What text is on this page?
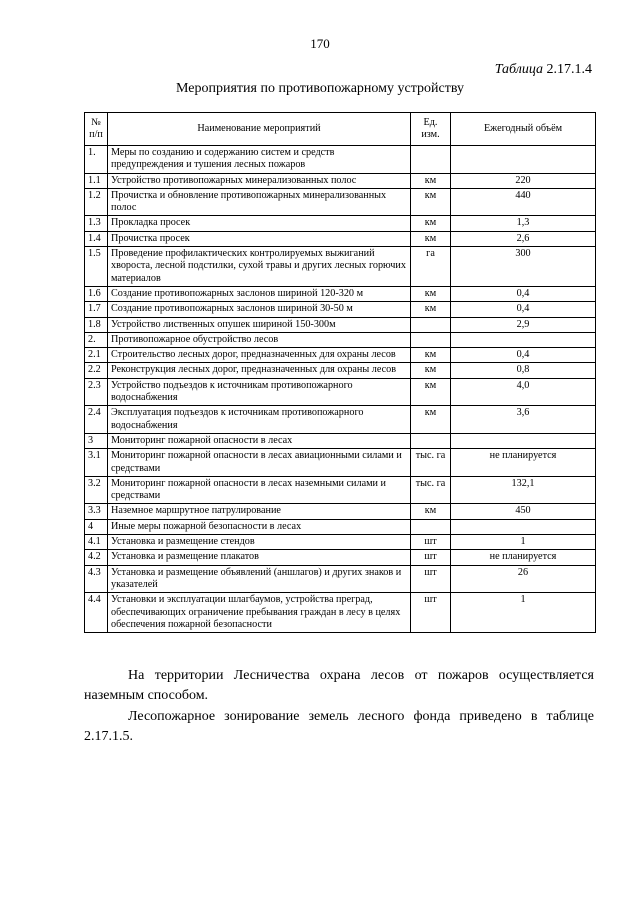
170
Таблица 2.17.1.4
Мероприятия по противопожарному устройству
№ п/п	Наименование мероприятий	Ед. изм.	Ежегодный объём
1.	Меры по созданию и содержанию систем и средств предупреждения и тушения лесных пожаров		
1.1	Устройство противопожарных минерализованных полос	км	220
1.2	Прочистка и обновление противопожарных минерализованных полос	км	440
1.3	Прокладка просек	км	1,3
1.4	Прочистка просек	км	2,6
1.5	Проведение профилактических контролируемых выжиганий хвороста, лесной подстилки, сухой травы и других лесных горючих материалов	га	300
1.6	Создание противопожарных заслонов шириной 120-320 м	км	0,4
1.7	Создание противопожарных заслонов шириной 30-50 м	км	0,4
1.8	Устройство лиственных опушек шириной 150-300м		2,9
2.	Противопожарное обустройство лесов		
2.1	Строительство лесных дорог, предназначенных для охраны лесов	км	0,4
2.2	Реконструкция лесных дорог, предназначенных для охраны лесов	км	0,8
2.3	Устройство подъездов к источникам противопожарного водоснабжения	км	4,0
2.4	Эксплуатация подъездов к источникам противопожарного водоснабжения	км	3,6
3	Мониторинг пожарной опасности в лесах		
3.1	Мониторинг пожарной опасности в лесах авиационными силами и средствами	тыс. га	не планируется
3.2	Мониторинг пожарной опасности в лесах наземными силами и средствами	тыс. га	132,1
3.3	Наземное маршрутное патрулирование	км	450
4	Иные меры пожарной безопасности в лесах		
4.1	Установка и размещение стендов	шт	1
4.2	Установка и размещение плакатов	шт	не планируется
4.3	Установка и размещение объявлений (аншлагов) и других знаков и указателей	шт	26
4.4	Установки и эксплуатации шлагбаумов, устройства преград, обеспечивающих ограничение пребывания граждан в лесу в целях обеспечения пожарной безопасности	шт	1
На территории Лесничества охрана лесов от пожаров осуществляется наземным способом.
Лесопожарное зонирование земель лесного фонда приведено в таблице 2.17.1.5.
